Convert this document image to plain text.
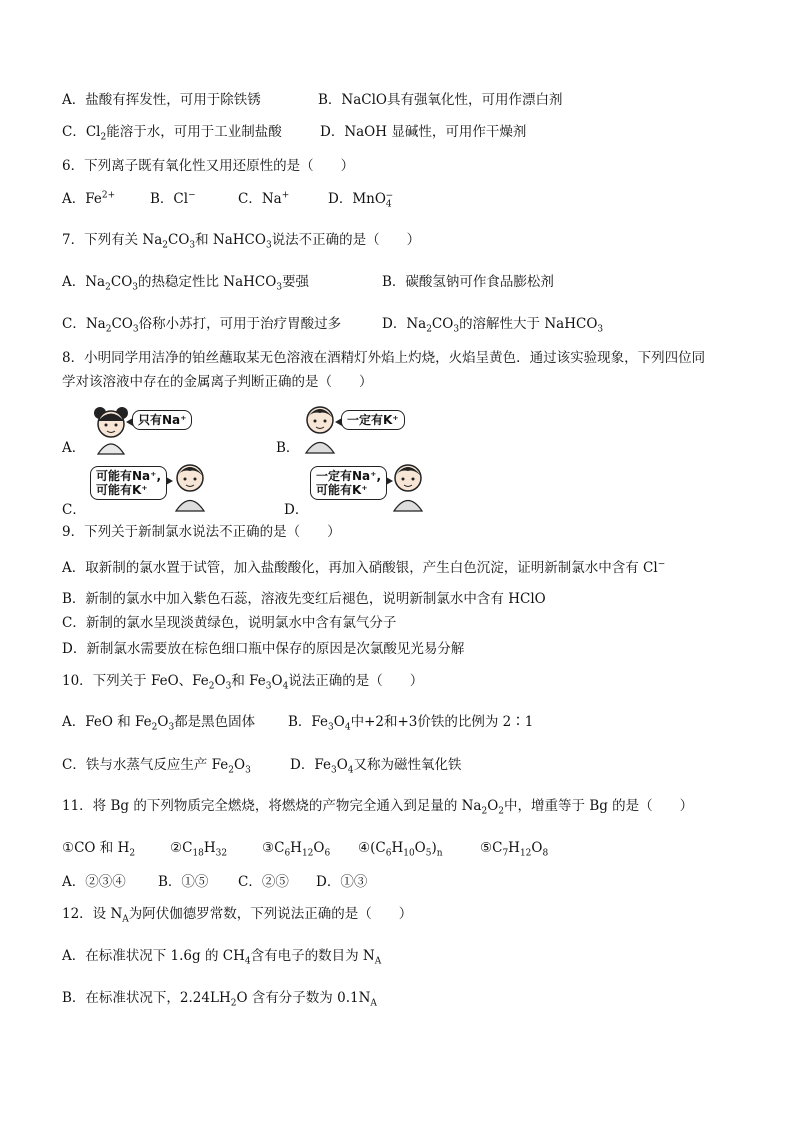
A．盐酸有挥发性，可用于除铁锈	B．NaClO具有强氧化性，可用作漂白剂
C．$Cl_2$能溶于水，可用于工业制盐酸	D．NaOH 显碱性，可用作干燥剂
6．下列离子既有氧化性又用还原性的是（　　）
A．$Fe^{2+}$	B．Cl−	C．Na+	D．MnO$_4$−
7．下列有关 $Na_2CO_3$和 NaHCO$_3$说法不正确的是（　　）
A．$Na_2CO_3$的热稳定性比 NaHCO$_3$要强	B．碳酸氢钠可作食品膨松剂
C．$Na_2CO_3$俗称小苏打，可用于治疗胃酸过多	D．$Na_2CO_3$的溶解性大于 NaHCO$_3$
8．小明同学用洁净的铂丝蘸取某无色溶液在酒精灯外焰上灼烧，火焰呈黄色．通过该实验现象，下列四位同
学对该溶液中存在的金属离子判断正确的是（　　）
A．
只有Na⁺
B．
一定有K⁺
C．
可能有Na⁺,
可能有K⁺
D．
一定有Na⁺,
可能有K⁺
9．下列关于新制氯水说法不正确的是（　　）
A．取新制的氯水置于试管，加入盐酸酸化，再加入硝酸银，产生白色沉淀，证明新制氯水中含有 Cl−
B．新制的氯水中加入紫色石蕊，溶液先变红后褪色，说明新制氯水中含有 HClO
C．新制的氯水呈现淡黄绿色，说明氯水中含有氯气分子
D．新制氯水需要放在棕色细口瓶中保存的原因是次氯酸见光易分解
10．下列关于 FeO、$Fe_2O_3$和 $Fe_3O_4$说法正确的是（　　）
A．FeO 和 $Fe_2O_3$都是黑色固体 B．$Fe_3O_4$中+2和+3价铁的比例为 2∶1
C．铁与水蒸气反应生产 $Fe_2O_3$	D．$Fe_3O_4$又称为磁性氧化铁
11．将 Bg 的下列物质完全燃烧，将燃烧的产物完全通入到足量的 $Na_2O_2$中，增重等于 Bg 的是（　　）
①CO 和 $H_2$	$②C_{18}H_{32}$	$③C_6H_{12}O_6$ $④(C_6H_{10}O_5)_n$	$⑤C_7H_{12}O_8$
A．②③④ B．①⑤ C．②⑤ D．①③
12．设 $N_A$为阿伏伽德罗常数，下列说法正确的是（　　）
A．在标准状况下 1.6g 的 $CH_4$含有电子的数目为 $N_A$
B．在标准状况下，$2.24LH_2O$ 含有分子数为 $0.1N_A$
